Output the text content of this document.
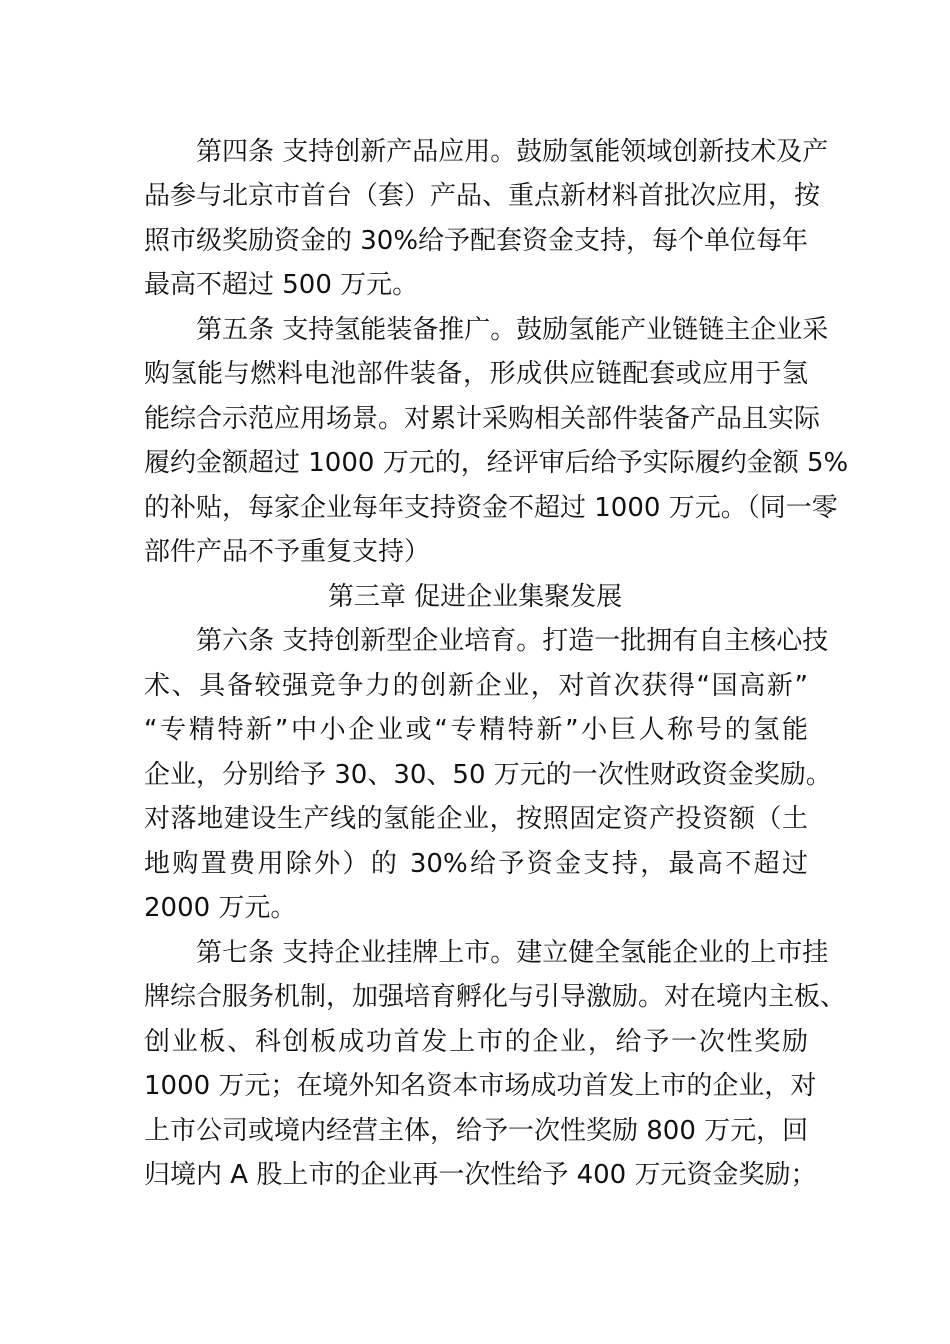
第四条 支持创新产品应用。鼓励氢能领域创新技术及产
品参与北京市首台（套）产品、重点新材料首批次应用，按
照市级奖励资金的 30%给予配套资金支持，每个单位每年
最高不超过 500 万元。
第五条 支持氢能装备推广。鼓励氢能产业链链主企业采
购氢能与燃料电池部件装备，形成供应链配套或应用于氢
能综合示范应用场景。对累计采购相关部件装备产品且实际
履约金额超过 1000 万元的，经评审后给予实际履约金额 5%
的补贴，每家企业每年支持资金不超过 1000 万元。（同一零
部件产品不予重复支持）
第三章 促进企业集聚发展
第六条 支持创新型企业培育。打造一批拥有自主核心技
术、具备较强竞争力的创新企业，对首次获得“国高新”
“专精特新”中小企业或“专精特新”小巨人称号的氢能
企业，分别给予 30、30、50 万元的一次性财政资金奖励。
对落地建设生产线的氢能企业，按照固定资产投资额（土
地购置费用除外）的 30%给予资金支持，最高不超过
2000 万元。
第七条 支持企业挂牌上市。建立健全氢能企业的上市挂
牌综合服务机制，加强培育孵化与引导激励。对在境内主板、
创业板、科创板成功首发上市的企业，给予一次性奖励
1000 万元；在境外知名资本市场成功首发上市的企业，对
上市公司或境内经营主体，给予一次性奖励 800 万元，回
归境内 A 股上市的企业再一次性给予 400 万元资金奖励；
